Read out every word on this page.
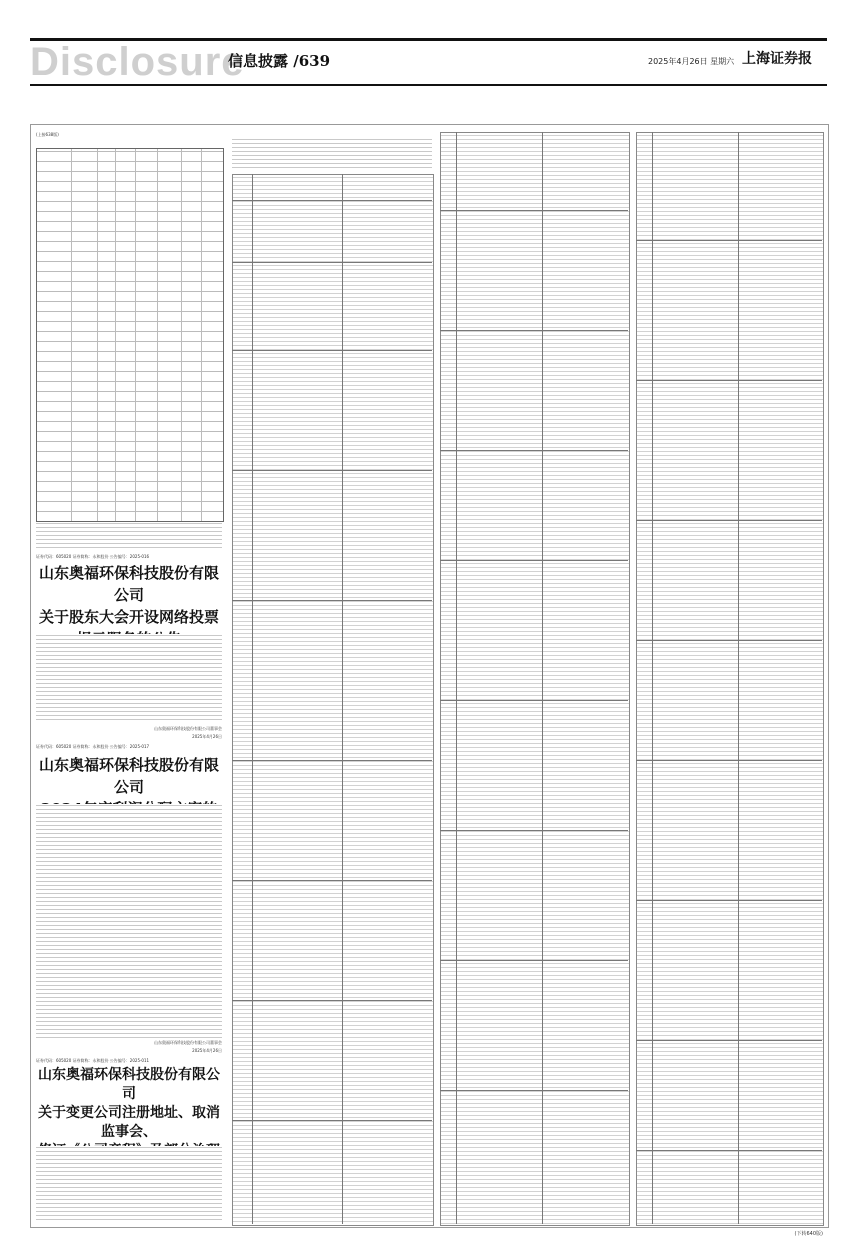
Disclosure
信息披露 /639	2025年4月26日 星期六 上海证券报
(上接638版)
证券代码：605020 证券简称：永和股份 公告编号：2025-016
山东奥福环保科技股份有限公司
关于股东大会开设网络投票

山东奥福环保科技股份有限公司董事会
2025年4月26日
证券代码：605020 证券简称：永和股份 公告编号：2025-017
山东奥福环保科技股份有限公司

山东奥福环保科技股份有限公司董事会
2025年4月26日
证券代码：605020 证券简称：永和股份 公告编号：2025-011
山东奥福环保科技股份有限公司
关于变更公司注册地址、取消监事会、

(下转640版)
